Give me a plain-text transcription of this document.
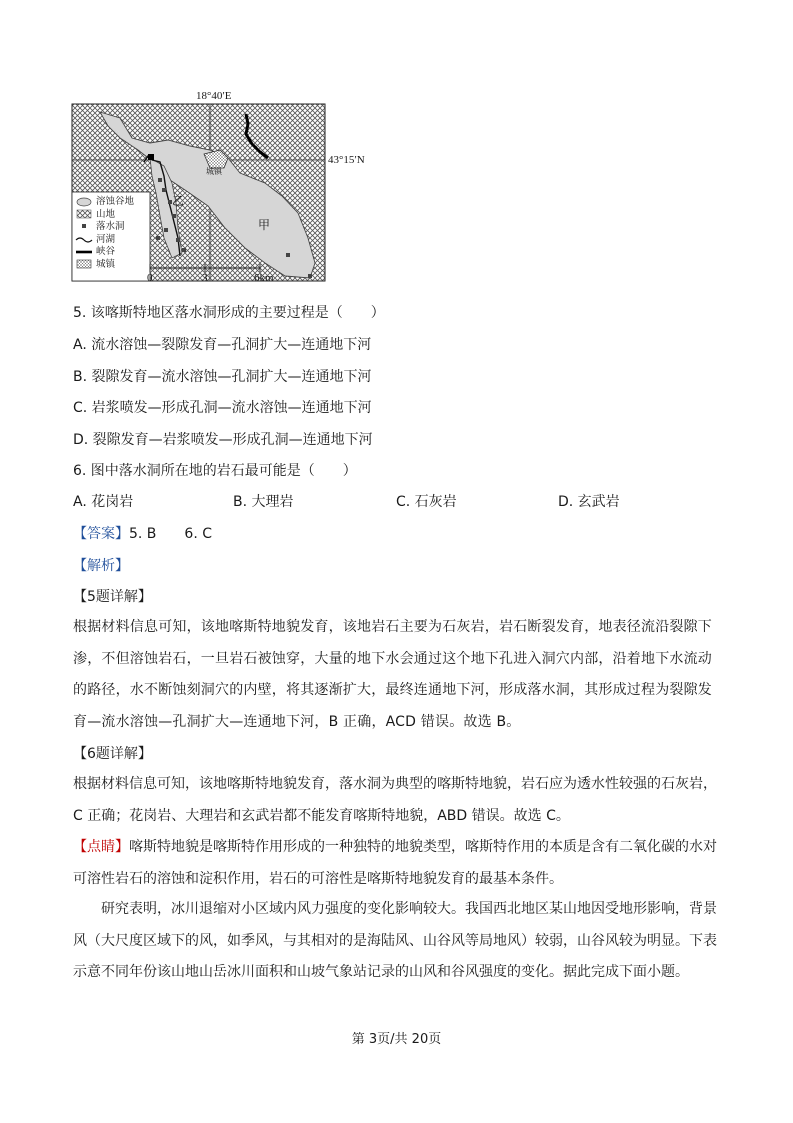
18°40′E
43°15′N
甲
乙
城镇
溶蚀谷地
山地
落水洞
河湖
峡谷
城镇
0	3	6km
5. 该喀斯特地区落水洞形成的主要过程是（　　）
A. 流水溶蚀—裂隙发育—孔洞扩大—连通地下河
B. 裂隙发育—流水溶蚀—孔洞扩大—连通地下河
C. 岩浆喷发—形成孔洞—流水溶蚀—连通地下河
D. 裂隙发育—岩浆喷发—形成孔洞—连通地下河
6. 图中落水洞所在地的岩石最可能是（　　）
A. 花岗岩	B. 大理岩	C. 石灰岩	D. 玄武岩
【答案】5. B　　6. C
【解析】
【5题详解】
根据材料信息可知，该地喀斯特地貌发育，该地岩石主要为石灰岩，岩石断裂发育，地表径流沿裂隙下渗，不但溶蚀岩石，一旦岩石被蚀穿，大量的地下水会通过这个地下孔进入洞穴内部，沿着地下水流动的路径，水不断蚀刻洞穴的内壁，将其逐渐扩大，最终连通地下河，形成落水洞，其形成过程为裂隙发育—流水溶蚀—孔洞扩大—连通地下河，B 正确，ACD 错误。故选 B。
【6题详解】
根据材料信息可知，该地喀斯特地貌发育，落水洞为典型的喀斯特地貌，岩石应为透水性较强的石灰岩，C 正确；花岗岩、大理岩和玄武岩都不能发育喀斯特地貌，ABD 错误。故选 C。
【点睛】喀斯特地貌是喀斯特作用形成的一种独特的地貌类型，喀斯特作用的本质是含有二氧化碳的水对可溶性岩石的溶蚀和淀积作用，岩石的可溶性是喀斯特地貌发育的最基本条件。
研究表明，冰川退缩对小区域内风力强度的变化影响较大。我国西北地区某山地因受地形影响，背景风（大尺度区域下的风，如季风，与其相对的是海陆风、山谷风等局地风）较弱，山谷风较为明显。下表示意不同年份该山地山岳冰川面积和山坡气象站记录的山风和谷风强度的变化。据此完成下面小题。
第 3页/共 20页
